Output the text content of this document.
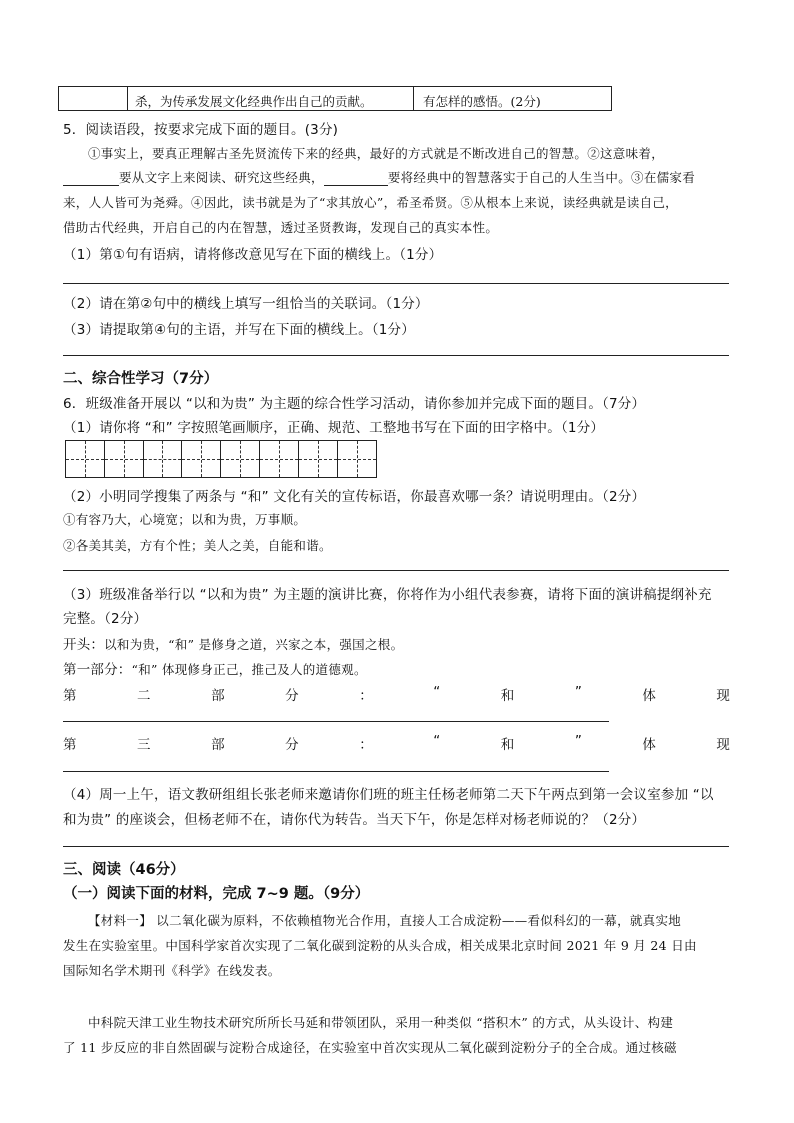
杀，为传承发展文化经典作出自己的贡献。	有怎样的感悟。(2分)
5．阅读语段，按要求完成下面的题目。(3分)
①事实上，要真正理解古圣先贤流传下来的经典，最好的方式就是不断改进自己的智慧。②这意味着，
要从文字上来阅读、研究这些经典，	要将经典中的智慧落实于自己的人生当中。③在儒家看
来，人人皆可为尧舜。④因此，读书就是为了“求其放心”，希圣希贤。⑤从根本上来说，读经典就是读自己，
借助古代经典，开启自己的内在智慧，透过圣贤教诲，发现自己的真实本性。
（1）第①句有语病，请将修改意见写在下面的横线上。（1分）
（2）请在第②句中的横线上填写一组恰当的关联词。（1分）
（3）请提取第④句的主语，并写在下面的横线上。（1分）
二、综合性学习（7分）
6．班级准备开展以 “以和为贵” 为主题的综合性学习活动，请你参加并完成下面的题目。（7分）
（1）请你将 “和” 字按照笔画顺序，正确、规范、工整地书写在下面的田字格中。（1分）
（2）小明同学搜集了两条与 “和” 文化有关的宣传标语，你最喜欢哪一条？请说明理由。（2分）
①有容乃大，心境宽；以和为贵，万事顺。
②各美其美，方有个性；美人之美，自能和谐。
（3）班级准备举行以 “以和为贵” 为主题的演讲比赛，你将作为小组代表参赛，请将下面的演讲稿提纲补充
完整。（2分）
开头：以和为贵，“和” 是修身之道，兴家之本，强国之根。
第一部分：“和” 体现修身正己，推己及人的道德观。
第	二	部	分	：	“	和	”	体	现
第	三	部	分	：	“	和	”	体	现
（4）周一上午，语文教研组组长张老师来邀请你们班的班主任杨老师第二天下午两点到第一会议室参加 “以
和为贵” 的座谈会，但杨老师不在，请你代为转告。当天下午，你是怎样对杨老师说的？（2分）
三、阅读（46分）
（一）阅读下面的材料，完成 7~9 题。（9分）
【材料一】 以二氧化碳为原料，不依赖植物光合作用，直接人工合成淀粉——看似科幻的一幕，就真实地
发生在实验室里。中国科学家首次实现了二氧化碳到淀粉的从头合成，相关成果北京时间 2021 年 9 月 24 日由
国际知名学术期刊《科学》在线发表。
中科院天津工业生物技术研究所所长马延和带领团队，采用一种类似 “搭积木” 的方式，从头设计、构建
了 11 步反应的非自然固碳与淀粉合成途径，在实验室中首次实现从二氧化碳到淀粉分子的全合成。通过核磁
